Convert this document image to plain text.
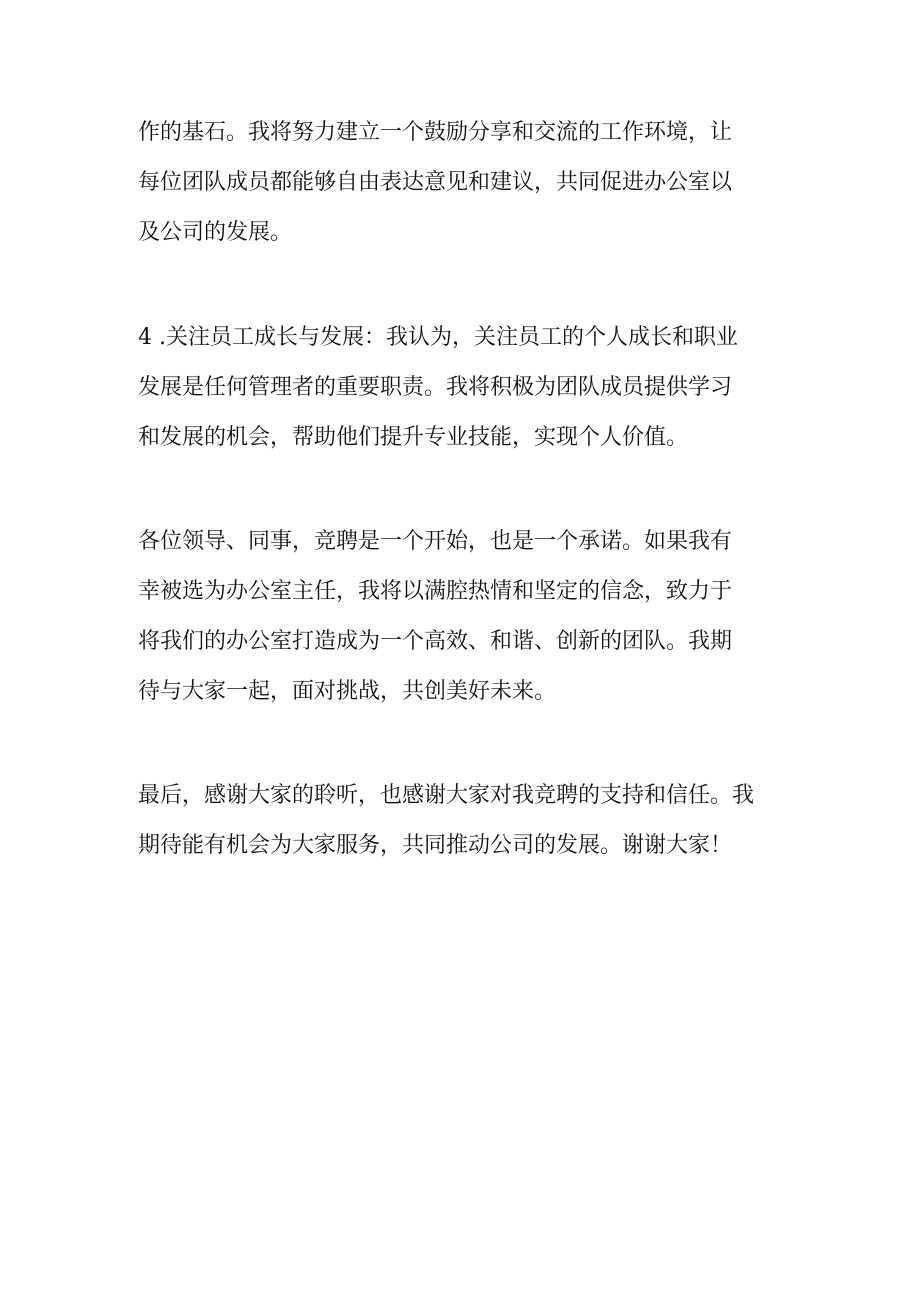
作的基石。我将努力建立一个鼓励分享和交流的工作环境，让
每位团队成员都能够自由表达意见和建议，共同促进办公室以
及公司的发展。

4 .关注员工成长与发展：我认为，关注员工的个人成长和职业
发展是任何管理者的重要职责。我将积极为团队成员提供学习
和发展的机会，帮助他们提升专业技能，实现个人价值。

各位领导、同事，竞聘是一个开始，也是一个承诺。如果我有
幸被选为办公室主任，我将以满腔热情和坚定的信念，致力于
将我们的办公室打造成为一个高效、和谐、创新的团队。我期
待与大家一起，面对挑战，共创美好未来。

最后，感谢大家的聆听，也感谢大家对我竞聘的支持和信任。我
期待能有机会为大家服务，共同推动公司的发展。谢谢大家！
